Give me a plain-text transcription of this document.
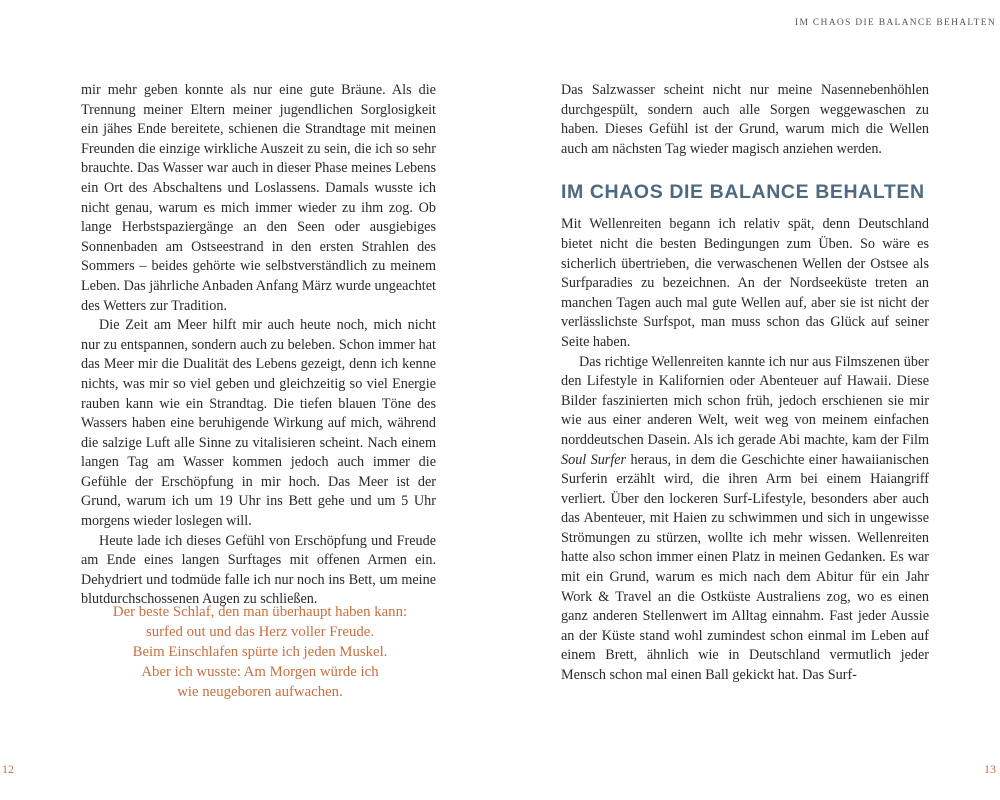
mir mehr geben konnte als nur eine gute Bräune. Als die Trennung meiner Eltern meiner jugendlichen Sorglosigkeit ein jähes Ende bereitete, schienen die Strandtage mit meinen Freunden die einzige wirkliche Auszeit zu sein, die ich so sehr brauchte. Das Wasser war auch in dieser Phase meines Lebens ein Ort des Abschaltens und Loslassens. Damals wusste ich nicht genau, warum es mich immer wieder zu ihm zog. Ob lange Herbstspaziergänge an den Seen oder ausgiebiges Sonnenbaden am Ostseestrand in den ersten Strahlen des Sommers – beides gehörte wie selbstverständlich zu meinem Leben. Das jährliche Anbaden Anfang März wurde ungeachtet des Wetters zur Tradition.

Die Zeit am Meer hilft mir auch heute noch, mich nicht nur zu entspannen, sondern auch zu beleben. Schon immer hat das Meer mir die Dualität des Lebens gezeigt, denn ich kenne nichts, was mir so viel geben und gleichzeitig so viel Energie rauben kann wie ein Strandtag. Die tiefen blauen Töne des Wassers haben eine beruhigende Wirkung auf mich, während die salzige Luft alle Sinne zu vitalisieren scheint. Nach einem langen Tag am Wasser kommen jedoch auch immer die Gefühle der Erschöpfung in mir hoch. Das Meer ist der Grund, warum ich um 19 Uhr ins Bett gehe und um 5 Uhr morgens wieder loslegen will.

Heute lade ich dieses Gefühl von Erschöpfung und Freude am Ende eines langen Surftages mit offenen Armen ein. Dehydriert und todmüde falle ich nur noch ins Bett, um meine blutdurchschossenen Augen zu schließen.

Der beste Schlaf, den man überhaupt haben kann:
surfed out und das Herz voller Freude.
Beim Einschlafen spürte ich jeden Muskel.
Aber ich wusste: Am Morgen würde ich
wie neugeboren aufwachen.
12
IM CHAOS DIE BALANCE BEHALTEN

Das Salzwasser scheint nicht nur meine Nasennebenhöhlen durchgespült, sondern auch alle Sorgen weggewaschen zu haben. Dieses Gefühl ist der Grund, warum mich die Wellen auch am nächsten Tag wieder magisch anziehen werden.

IM CHAOS DIE BALANCE BEHALTEN

Mit Wellenreiten begann ich relativ spät, denn Deutschland bietet nicht die besten Bedingungen zum Üben. So wäre es sicherlich übertrieben, die verwaschenen Wellen der Ostsee als Surfparadies zu bezeichnen. An der Nordseeküste treten an manchen Tagen auch mal gute Wellen auf, aber sie ist nicht der verlässlichste Surfspot, man muss schon das Glück auf seiner Seite haben.

Das richtige Wellenreiten kannte ich nur aus Filmszenen über den Lifestyle in Kalifornien oder Abenteuer auf Hawaii. Diese Bilder faszinierten mich schon früh, jedoch erschienen sie mir wie aus einer anderen Welt, weit weg von meinem einfachen norddeutschen Dasein. Als ich gerade Abi machte, kam der Film Soul Surfer heraus, in dem die Geschichte einer hawaiianischen Surferin erzählt wird, die ihren Arm bei einem Haiangriff verliert. Über den lockeren Surf-Lifestyle, besonders aber auch das Abenteuer, mit Haien zu schwimmen und sich in ungewisse Strömungen zu stürzen, wollte ich mehr wissen. Wellenreiten hatte also schon immer einen Platz in meinen Gedanken. Es war mit ein Grund, warum es mich nach dem Abitur für ein Jahr Work & Travel an die Ostküste Australiens zog, wo es einen ganz anderen Stellenwert im Alltag einnahm. Fast jeder Aussie an der Küste stand wohl zumindest schon einmal im Leben auf einem Brett, ähnlich wie in Deutschland vermutlich jeder Mensch schon mal einen Ball gekickt hat. Das Surf-

13
